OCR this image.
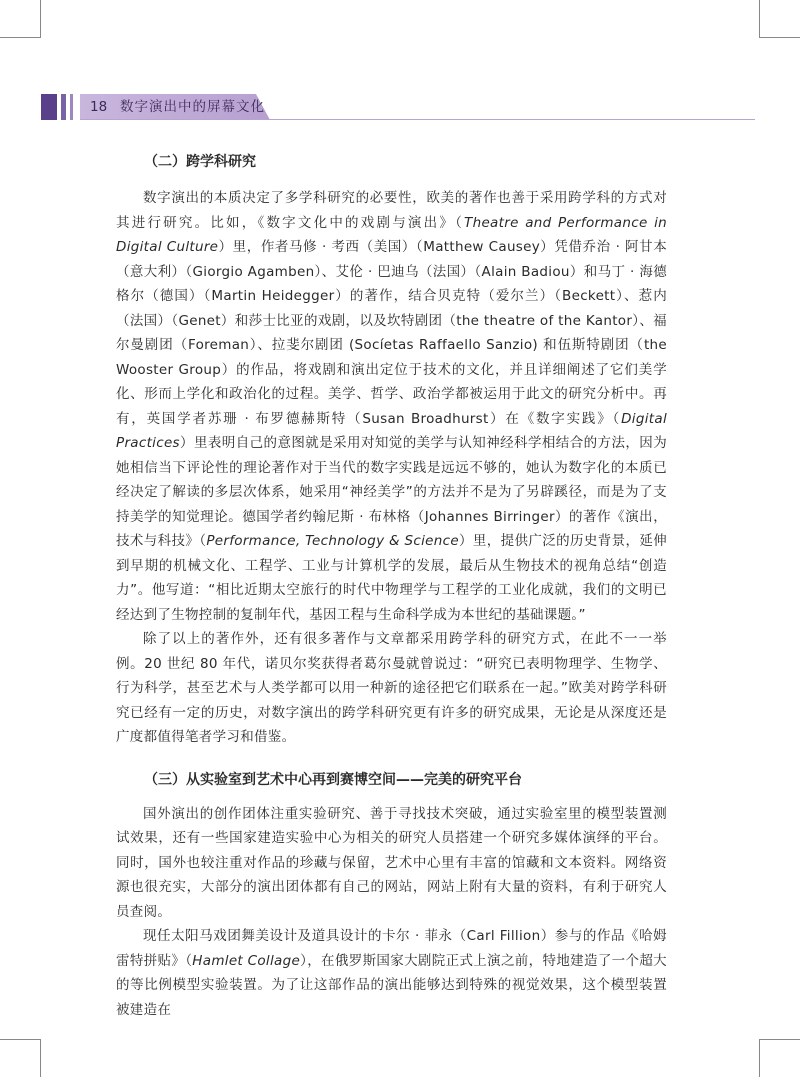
18 数字演出中的屏幕文化
（二）跨学科研究

数字演出的本质决定了多学科研究的必要性，欧美的著作也善于采用跨学科的方式对其进行研究。比如，《数字文化中的戏剧与演出》（Theatre and Performance in Digital Culture）里，作者马修 · 考西（美国）（Matthew Causey）凭借乔治 · 阿甘本（意大利）（Giorgio Agamben）、艾伦 · 巴迪乌（法国）（Alain Badiou）和马丁 · 海德格尔（德国）（Martin Heidegger）的著作，结合贝克特（爱尔兰）（Beckett）、惹内（法国）（Genet）和莎士比亚的戏剧，以及坎特剧团（the theatre of the Kantor）、福尔曼剧团（Foreman）、拉斐尔剧团 (Socíetas Raffaello Sanzio) 和伍斯特剧团（the Wooster Group）的作品，将戏剧和演出定位于技术的文化，并且详细阐述了它们美学化、形而上学化和政治化的过程。美学、哲学、政治学都被运用于此文的研究分析中。再有，英国学者苏珊 · 布罗德赫斯特（Susan Broadhurst）在《数字实践》（Digital Practices）里表明自己的意图就是采用对知觉的美学与认知神经科学相结合的方法，因为她相信当下评论性的理论著作对于当代的数字实践是远远不够的，她认为数字化的本质已经决定了解读的多层次体系，她采用“神经美学”的方法并不是为了另辟蹊径，而是为了支持美学的知觉理论。德国学者约翰尼斯 · 布林格（Johannes Birringer）的著作《演出，技术与科技》（Performance, Technology & Science）里，提供广泛的历史背景，延伸到早期的机械文化、工程学、工业与计算机学的发展，最后从生物技术的视角总结“创造力”。他写道：“相比近期太空旅行的时代中物理学与工程学的工业化成就，我们的文明已经达到了生物控制的复制年代，基因工程与生命科学成为本世纪的基础课题。”

除了以上的著作外，还有很多著作与文章都采用跨学科的研究方式，在此不一一举例。20 世纪 80 年代，诺贝尔奖获得者葛尔曼就曾说过：“研究已表明物理学、生物学、行为科学，甚至艺术与人类学都可以用一种新的途径把它们联系在一起。”欧美对跨学科研究已经有一定的历史，对数字演出的跨学科研究更有许多的研究成果，无论是从深度还是广度都值得笔者学习和借鉴。

（三）从实验室到艺术中心再到赛博空间——完美的研究平台

国外演出的创作团体注重实验研究、善于寻找技术突破，通过实验室里的模型装置测试效果，还有一些国家建造实验中心为相关的研究人员搭建一个研究多媒体演绎的平台。同时，国外也较注重对作品的珍藏与保留，艺术中心里有丰富的馆藏和文本资料。网络资源也很充实，大部分的演出团体都有自己的网站，网站上附有大量的资料，有利于研究人员查阅。

现任太阳马戏团舞美设计及道具设计的卡尔 · 菲永（Carl Fillion）参与的作品《哈姆雷特拼贴》（Hamlet Collage），在俄罗斯国家大剧院正式上演之前，特地建造了一个超大的等比例模型实验装置。为了让这部作品的演出能够达到特殊的视觉效果，这个模型装置被建造在
